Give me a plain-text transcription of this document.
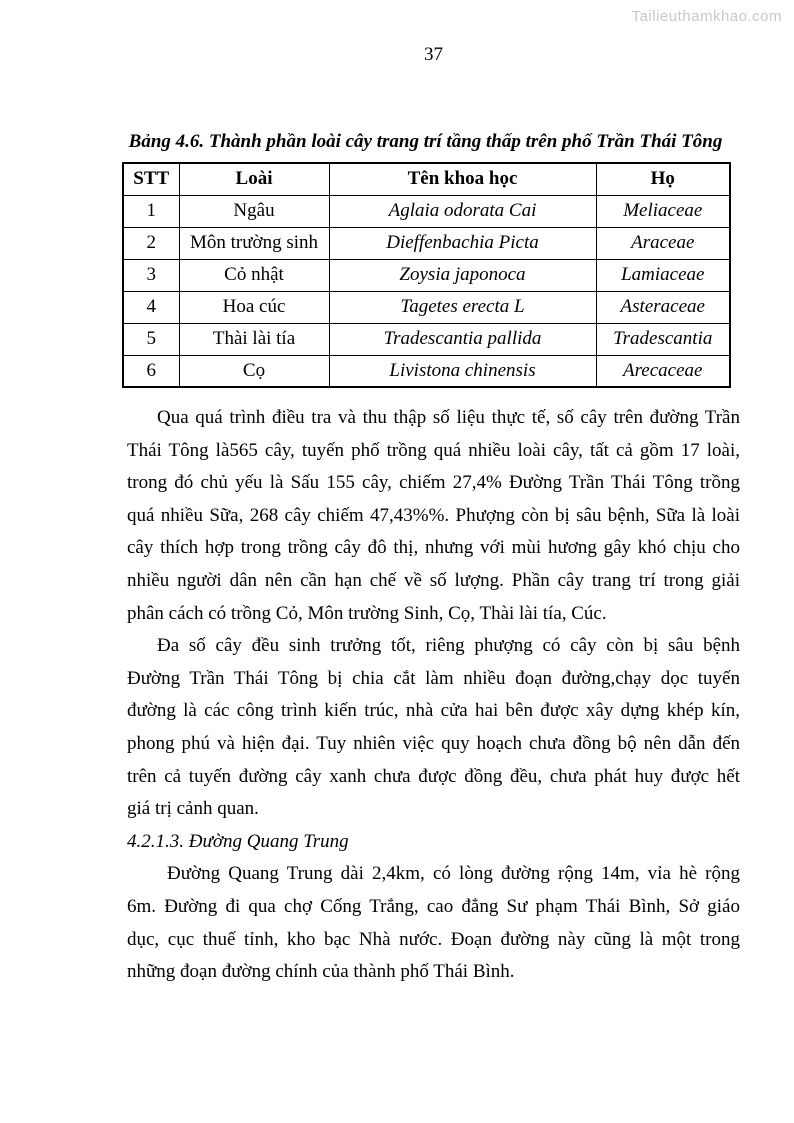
Tailieuthamkhao.com
37
Bảng 4.6. Thành phần loài cây trang trí tầng thấp trên phố Trần Thái Tông
STT	Loài	Tên khoa học	Họ
1	Ngâu	Aglaia odorata Cai	Meliaceae
2	Môn trường sinh	Dieffenbachia Picta	Araceae
3	Cỏ nhật	Zoysia japonoca	Lamiaceae
4	Hoa cúc	Tagetes erecta L	Asteraceae
5	Thài lài tía	Tradescantia pallida	Tradescantia
6	Cọ	Livistona chinensis	Arecaceae
Qua quá trình điều tra và thu thập số liệu thực tế, số cây trên đường Trần
Thái Tông là565 cây, tuyến phố trồng quá nhiều loài cây, tất cả gồm 17 loài,
trong đó chủ yếu là Sấu 155 cây, chiếm 27,4% Đường Trần Thái Tông trồng
quá nhiều Sữa, 268 cây chiếm 47,43%%. Phượng còn bị sâu bệnh, Sữa là loài
cây thích hợp trong trồng cây đô thị, nhưng với mùi hương gây khó chịu cho
nhiều người dân nên cần hạn chế về số lượng. Phần cây trang trí trong giải
phân cách có trồng Cỏ, Môn trường Sinh, Cọ, Thài lài tía, Cúc.
Đa số cây đều sinh trưởng tốt, riêng phượng có cây còn bị sâu bệnh
Đường Trần Thái Tông bị chia cắt làm nhiều đoạn đường,chạy dọc tuyến
đường là các công trình kiến trúc, nhà cửa hai bên được xây dựng khép kín,
phong phú và hiện đại. Tuy nhiên việc quy hoạch chưa đồng bộ nên dẫn đến
trên cả tuyến đường cây xanh chưa được đồng đều, chưa phát huy được hết
giá trị cảnh quan.
4.2.1.3. Đường Quang Trung
Đường Quang Trung dài 2,4km, có lòng đường rộng 14m, vỉa hè rộng
6m. Đường đi qua chợ Cống Trắng, cao đẳng Sư phạm Thái Bình, Sở giáo
dục, cục thuế tỉnh, kho bạc Nhà nước. Đoạn đường này cũng là một trong
những đoạn đường chính của thành phố Thái Bình.
